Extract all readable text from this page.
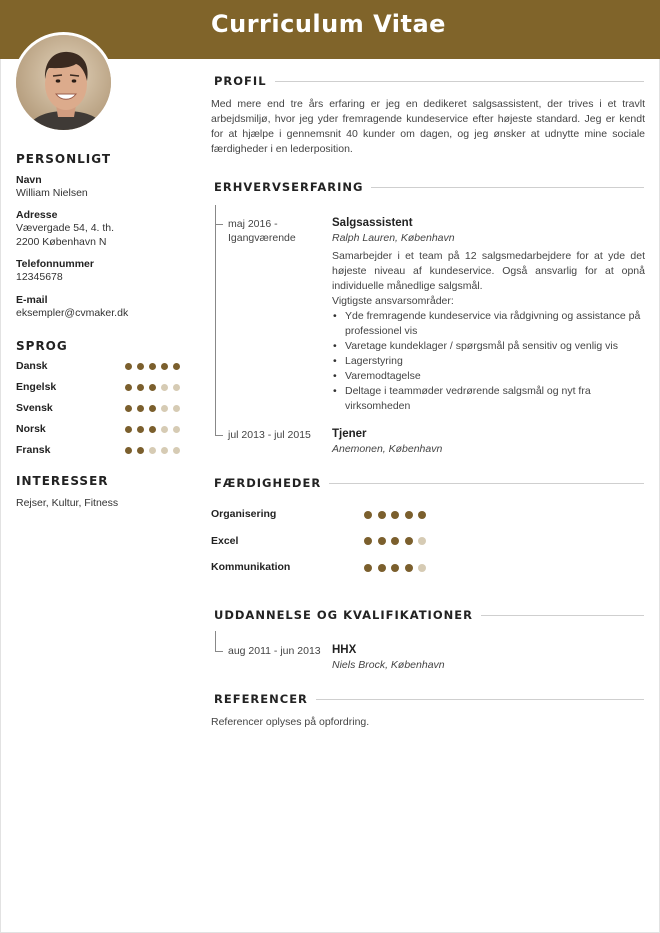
Curriculum Vitae
PERSONLIGT
Navn
William Nielsen
Adresse
Vævergade 54, 4. th.
2200 København N
Telefonnummer
12345678
E-mail
eksempler@cvmaker.dk
SPROG
Dansk
Engelsk
Svensk
Norsk
Fransk
INTERESSER
Rejser, Kultur, Fitness
PROFIL
Med mere end tre års erfaring er jeg en dedikeret salgsassistent, der trives i et travlt arbejdsmiljø, hvor jeg yder fremragende kundeservice efter højeste standard. Jeg er kendt for at hjælpe i gennemsnit 40 kunder om dagen, og jeg ønsker at udnytte mine sociale færdigheder i en lederposition.
ERHVERVSERFARING
maj 2016 -
Igangværende
Salgsassistent
Ralph Lauren, København
Samarbejder i et team på 12 salgsmedarbejdere for at yde det højeste niveau af kundeservice. Også ansvarlig for at opnå individuelle månedlige salgsmål.
Vigtigste ansvarsområder:
• Yde fremragende kundeservice via rådgivning og assistance på professionel vis
• Varetage kundeklager / spørgsmål på sensitiv og venlig vis
• Lagerstyring
• Varemodtagelse
• Deltage i teammøder vedrørende salgsmål og nyt fra virksomheden
jul 2013 - jul 2015 Tjener
Anemonen, København
FÆRDIGHEDER
Organisering
Excel
Kommunikation
UDDANNELSE OG KVALIFIKATIONER
aug 2011 - jun 2013 HHX
Niels Brock, København
REFERENCER
Referencer oplyses på opfordring.
